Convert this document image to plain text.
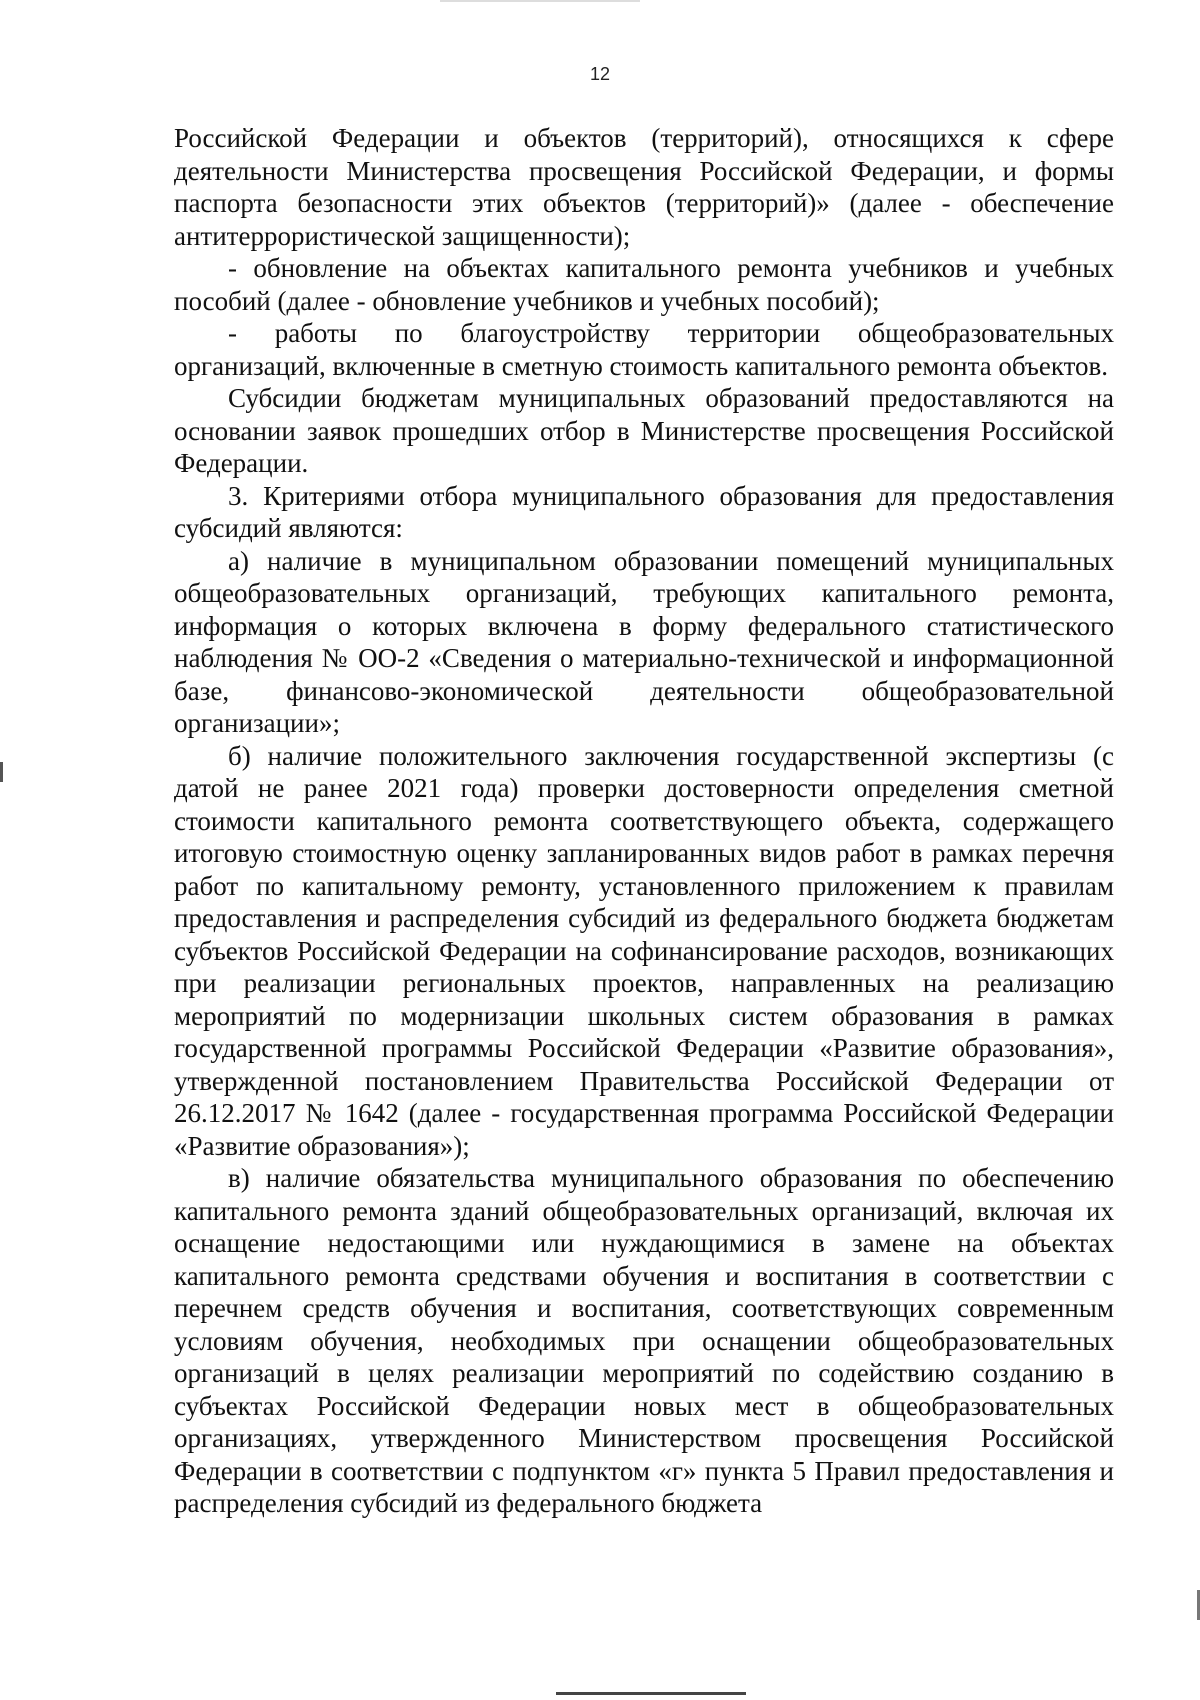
12

Российской Федерации и объектов (территорий), относящихся к сфере деятельности Министерства просвещения Российской Федерации, и формы паспорта безопасности этих объектов (территорий)» (далее - обеспечение антитеррористической защищенности);

- обновление на объектах капитального ремонта учебников и учебных пособий (далее - обновление учебников и учебных пособий);

- работы по благоустройству территории общеобразовательных организаций, включенные в сметную стоимость капитального ремонта объектов.

Субсидии бюджетам муниципальных образований предоставляются на основании заявок прошедших отбор в Министерстве просвещения Российской Федерации.

3. Критериями отбора муниципального образования для предоставления субсидий являются:

а) наличие в муниципальном образовании помещений муниципальных общеобразовательных организаций, требующих капитального ремонта, информация о которых включена в форму федерального статистического наблюдения № ОО-2 «Сведения о материально-технической и информационной базе, финансово-экономической деятельности общеобразовательной организации»;

б) наличие положительного заключения государственной экспертизы (с датой не ранее 2021 года) проверки достоверности определения сметной стоимости капитального ремонта соответствующего объекта, содержащего итоговую стоимостную оценку запланированных видов работ в рамках перечня работ по капитальному ремонту, установленного приложением к правилам предоставления и распределения субсидий из федерального бюджета бюджетам субъектов Российской Федерации на софинансирование расходов, возникающих при реализации региональных проектов, направленных на реализацию мероприятий по модернизации школьных систем образования в рамках государственной программы Российской Федерации «Развитие образования», утвержденной постановлением Правительства Российской Федерации от 26.12.2017 № 1642 (далее - государственная программа Российской Федерации «Развитие образования»);

в) наличие обязательства муниципального образования по обеспечению капитального ремонта зданий общеобразовательных организаций, включая их оснащение недостающими или нуждающимися в замене на объектах капитального ремонта средствами обучения и воспитания в соответствии с перечнем средств обучения и воспитания, соответствующих современным условиям обучения, необходимых при оснащении общеобразовательных организаций в целях реализации мероприятий по содействию созданию в субъектах Российской Федерации новых мест в общеобразовательных организациях, утвержденного Министерством просвещения Российской Федерации в соответствии с подпунктом «г» пункта 5 Правил предоставления и распределения субсидий из федерального бюджета
